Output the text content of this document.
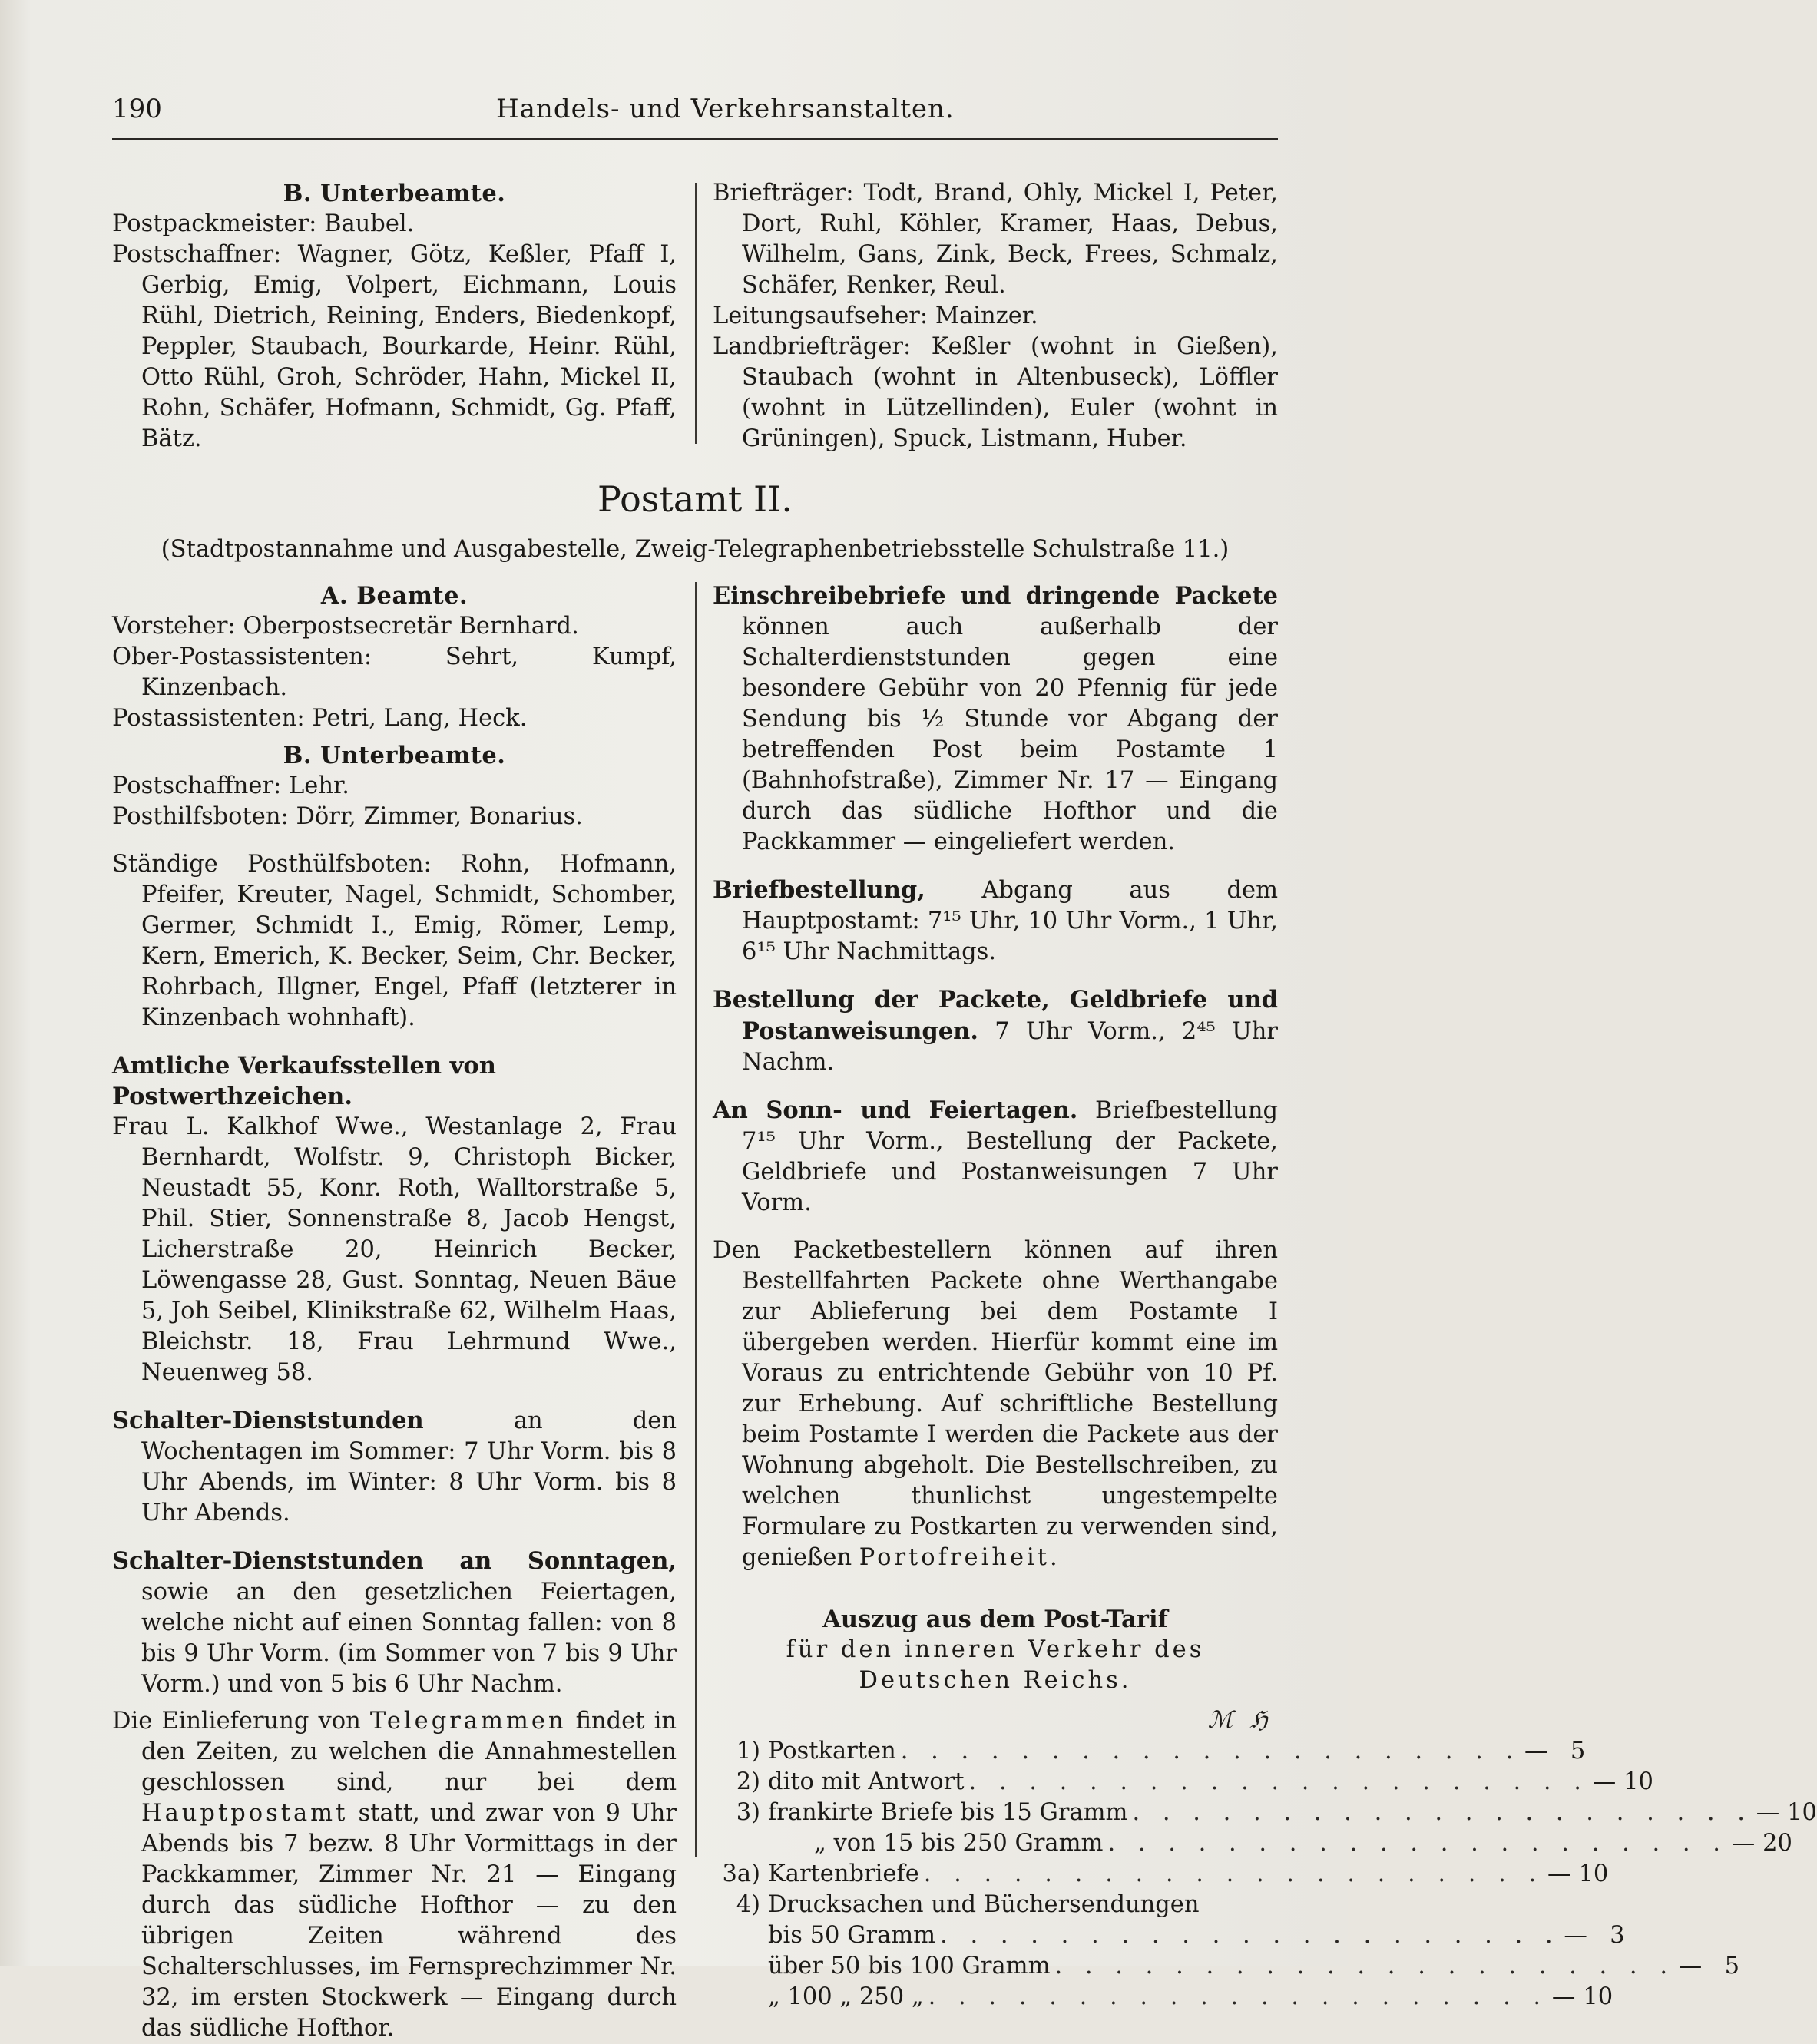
190	Handels- und Verkehrsanstalten.

B. Unterbeamte.

Postpackmeister: Baubel.

Postschaffner: Wagner, Götz, Keßler, Pfaff I, Gerbig, Emig, Volpert, Eichmann, Louis Rühl, Dietrich, Reining, Enders, Biedenkopf, Peppler, Staubach, Bourkarde, Heinr. Rühl, Otto Rühl, Groh, Schröder, Hahn, Mickel II, Rohn, Schäfer, Hofmann, Schmidt, Gg. Pfaff, Bätz.

Briefträger: Todt, Brand, Ohly, Mickel I, Peter, Dort, Ruhl, Köhler, Kramer, Haas, Debus, Wilhelm, Gans, Zink, Beck, Frees, Schmalz, Schäfer, Renker, Reul.

Leitungsaufseher: Mainzer.

Landbriefträger: Keßler (wohnt in Gießen), Staubach (wohnt in Altenbuseck), Löffler (wohnt in Lützellinden), Euler (wohnt in Grüningen), Spuck, Listmann, Huber.

Postamt II.
(Stadtpostannahme und Ausgabestelle, Zweig-Telegraphenbetriebsstelle Schulstraße 11.)

A. Beamte.

Vorsteher: Oberpostsecretär Bernhard.

Ober-Postassistenten: Sehrt, Kumpf, Kinzenbach.

Postassistenten: Petri, Lang, Heck.

B. Unterbeamte.

Postschaffner: Lehr.

Posthilfsboten: Dörr, Zimmer, Bonarius.

Ständige Posthülfsboten: Rohn, Hofmann, Pfeifer, Kreuter, Nagel, Schmidt, Schomber, Germer, Schmidt I., Emig, Römer, Lemp, Kern, Emerich, K. Becker, Seim, Chr. Becker, Rohrbach, Illgner, Engel, Pfaff (letzterer in Kinzenbach wohnhaft).

Amtliche Verkaufsstellen von Postwerthzeichen.

Frau L. Kalkhof Wwe., Westanlage 2, Frau Bernhardt, Wolfstr. 9, Christoph Bicker, Neustadt 55, Konr. Roth, Walltorstraße 5, Phil. Stier, Sonnenstraße 8, Jacob Hengst, Licherstraße 20, Heinrich Becker, Löwengasse 28, Gust. Sonntag, Neuen Bäue 5, Joh Seibel, Klinikstraße 62, Wilhelm Haas, Bleichstr. 18, Frau Lehrmund Wwe., Neuenweg 58.

Schalter-Dienststunden	an den Wochentagen im Sommer: 7 Uhr Vorm. bis 8 Uhr Abends, im Winter: 8 Uhr Vorm. bis 8 Uhr Abends.

Schalter-Dienststunden an Sonntagen, sowie an den gesetzlichen Feiertagen, welche nicht auf einen Sonntag fallen: von 8 bis 9 Uhr Vorm. (im Sommer von 7 bis 9 Uhr Vorm.) und von 5 bis 6 Uhr Nachm.

Die Einlieferung von Telegrammen findet in den Zeiten, zu welchen die Annahmestellen geschlossen sind, nur bei dem Hauptpostamt statt, und zwar von 9 Uhr Abends bis 7 bezw. 8 Uhr Vormittags in der Packkammer, Zimmer Nr. 21 — Eingang durch das südliche Hofthor — zu den übrigen Zeiten während des Schalterschlusses, im Fernsprechzimmer Nr. 32, im ersten Stockwerk — Eingang durch das südliche Hofthor.

Einschreibebriefe und dringende Packete können auch außerhalb der Schalterdienststunden gegen eine besondere Gebühr von 20 Pfennig für jede Sendung bis ½ Stunde vor Abgang der betreffenden Post beim Postamte 1 (Bahnhofstraße), Zimmer Nr. 17 — Eingang durch das südliche Hofthor und die Packkammer — eingeliefert werden.

Briefbestellung, Abgang aus dem Hauptpostamt: 7¹⁵ Uhr, 10 Uhr Vorm., 1 Uhr, 6¹⁵ Uhr Nachmittags.

Bestellung der Packete, Geldbriefe und Postanweisungen. 7 Uhr Vorm., 2⁴⁵ Uhr Nachm.

An Sonn- und Feiertagen. Briefbestellung 7¹⁵ Uhr Vorm., Bestellung der Packete, Geldbriefe und Postanweisungen 7 Uhr Vorm.

Den Packetbestellern können auf ihren Bestellfahrten Packete ohne Werthangabe zur Ablieferung bei dem Postamte I übergeben werden. Hierfür kommt eine im Voraus zu entrichtende Gebühr von 10 Pf. zur Erhebung. Auf schriftliche Bestellung beim Postamte I werden die Packete aus der Wohnung abgeholt. Die Bestellschreiben, zu welchen thunlichst ungestempelte Formulare zu Postkarten zu verwenden sind, genießen Portofreiheit.

Auszug aus dem Post-Tarif

für den inneren Verkehr des

Deutschen Reichs.

ℳ ℌ
1) Postkarten . . . . . . . . . . . . . . . . . . . . . — 5
2) dito mit Antwort . . . . . . . . . . . . . . . . . . . . . — 10
3) frankirte Briefe bis 15 Gramm . . . . . . . . . . . . . . . . . . . . . — 10
„ von 15 bis 250 Gramm . . . . . . . . . . . . . . . . . . . . . — 20
3a) Kartenbriefe . . . . . . . . . . . . . . . . . . . . . — 10
4) Drucksachen und Büchersendungen
bis 50 Gramm . . . . . . . . . . . . . . . . . . . . . — 3
über 50 bis 100 Gramm . . . . . . . . . . . . . . . . . . . . . — 5
„ 100 „ 250 „ . . . . . . . . . . . . . . . . . . . . . — 10
